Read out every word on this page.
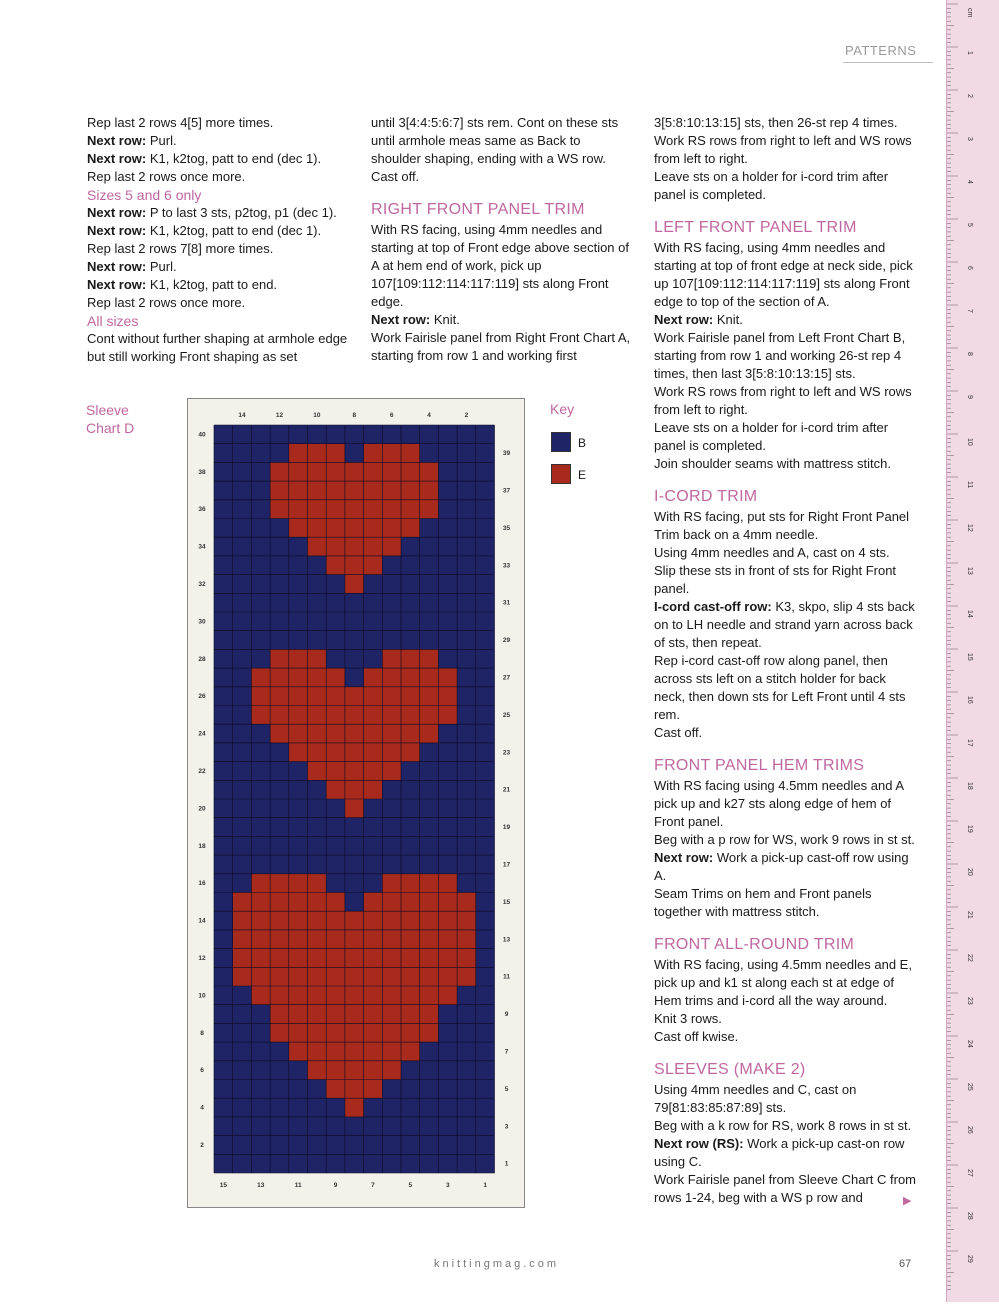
PATTERNS

Rep last 2 rows 4[5] more times.

Next row: Purl.

Next row: K1, k2tog, patt to end (dec 1).

Rep last 2 rows once more.

Sizes 5 and 6 only

Next row: P to last 3 sts, p2tog, p1 (dec 1).

Next row: K1, k2tog, patt to end (dec 1).

Rep last 2 rows 7[8] more times.

Next row: Purl.

Next row: K1, k2tog, patt to end.

Rep last 2 rows once more.

All sizes

Cont without further shaping at armhole edge but still working Front shaping as set

until 3[4:4:5:6:7] sts rem. Cont on these sts until armhole meas same as Back to shoulder shaping, ending with a WS row. Cast off.

RIGHT FRONT PANEL TRIM

With RS facing, using 4mm needles and starting at top of Front edge above section of A at hem end of work, pick up 107[109:112:114:117:119] sts along Front edge.

Next row: Knit.

Work Fairisle panel from Right Front Chart A, starting from row 1 and working first

3[5:8:10:13:15] sts, then 26-st rep 4 times.

Work RS rows from right to left and WS rows from left to right.

Leave sts on a holder for i-cord trim after panel is completed.

LEFT FRONT PANEL TRIM

With RS facing, using 4mm needles and starting at top of front edge at neck side, pick up 107[109:112:114:117:119] sts along Front edge to top of the section of A.

Next row: Knit.

Work Fairisle panel from Left Front Chart B, starting from row 1 and working 26-st rep 4 times, then last 3[5:8:10:13:15] sts.

Work RS rows from right to left and WS rows from left to right.

Leave sts on a holder for i-cord trim after panel is completed.

Join shoulder seams with mattress stitch.

I-CORD TRIM

With RS facing, put sts for Right Front Panel Trim back on a 4mm needle.

Using 4mm needles and A, cast on 4 sts.

Slip these sts in front of sts for Right Front panel.

I-cord cast-off row: K3, skpo, slip 4 sts back on to LH needle and strand yarn across back of sts, then repeat.

Rep i-cord cast-off row along panel, then across sts left on a stitch holder for back neck, then down sts for Left Front until 4 sts rem.

Cast off.

FRONT PANEL HEM TRIMS

With RS facing using 4.5mm needles and A pick up and k27 sts along edge of hem of Front panel.

Beg with a p row for WS, work 9 rows in st st.

Next row: Work a pick-up cast-off row using A.

Seam Trims on hem and Front panels together with mattress stitch.

FRONT ALL-ROUND TRIM

With RS facing, using 4.5mm needles and E, pick up and k1 st along each st at edge of Hem trims and i-cord all the way around.

Knit 3 rows.

Cast off kwise.

SLEEVES (MAKE 2)

Using 4mm needles and C, cast on 79[81:83:85:87:89] sts.

Beg with a k row for RS, work 8 rows in st st.

Next row (RS): Work a pick-up cast-on row using C.

Work Fairisle panel from Sleeve Chart C from rows 1-24, beg with a WS p row and

Sleeve Chart D
14	12	10	8	6	4	2
15	13	11	9	7	5	3	1
40
38
36
34
32
30
28
26
24
22
20
18
16
14
12
10
8
6
4
2
39
37
35
33
31
29
27
25
23
21
19
17
15
13
11
9
7
5
3
1
Key
B
E
knittingmag.com	67
▶
cm
1
2
3
4
5
6
7
8
9
10
11
12
13
14
15
16
17
18
19
20
21
22
23
24
25
26
27
28
29
